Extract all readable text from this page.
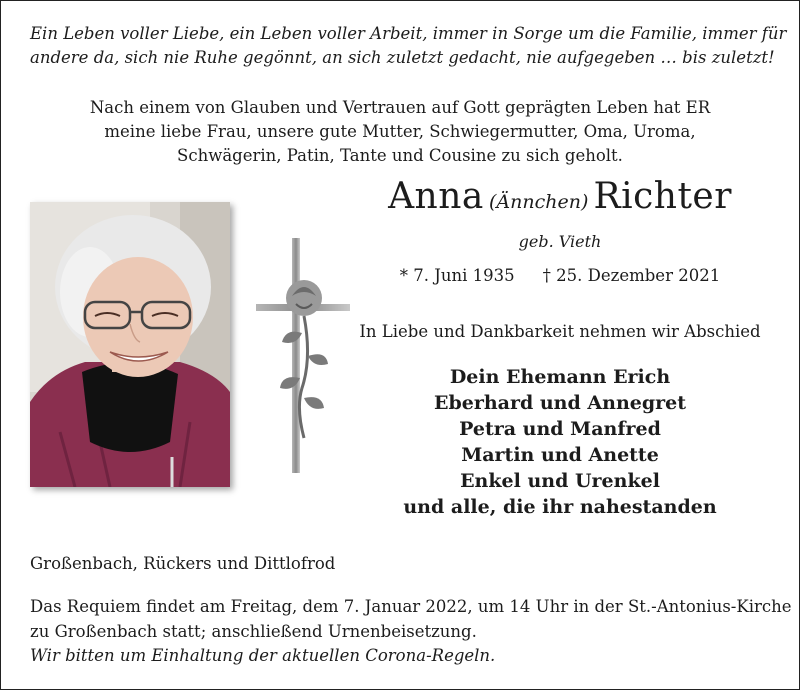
Ein Leben voller Liebe, ein Leben voller Arbeit, immer in Sorge um die Familie, immer für
andere da, sich nie Ruhe gegönnt, an sich zuletzt gedacht, nie aufgegeben … bis zuletzt!

Nach einem von Glauben und Vertrauen auf Gott geprägten Leben hat ER
meine liebe Frau, unsere gute Mutter, Schwiegermutter, Oma, Uroma,
Schwägerin, Patin, Tante und Cousine zu sich geholt.

Anna (Ännchen) Richter

geb. Vieth

* 7. Juni 1935 † 25. Dezember 2021

In Liebe und Dankbarkeit nehmen wir Abschied

Dein Ehemann Erich
Eberhard und Annegret
Petra und Manfred
Martin und Anette
Enkel und Urenkel
und alle, die ihr nahestanden

Großenbach, Rückers und Dittlofrod

Das Requiem findet am Freitag, dem 7. Januar 2022, um 14 Uhr in der St.-Antonius-Kirche
zu Großenbach statt; anschließend Urnenbeisetzung.

Wir bitten um Einhaltung der aktuellen Corona-Regeln.
